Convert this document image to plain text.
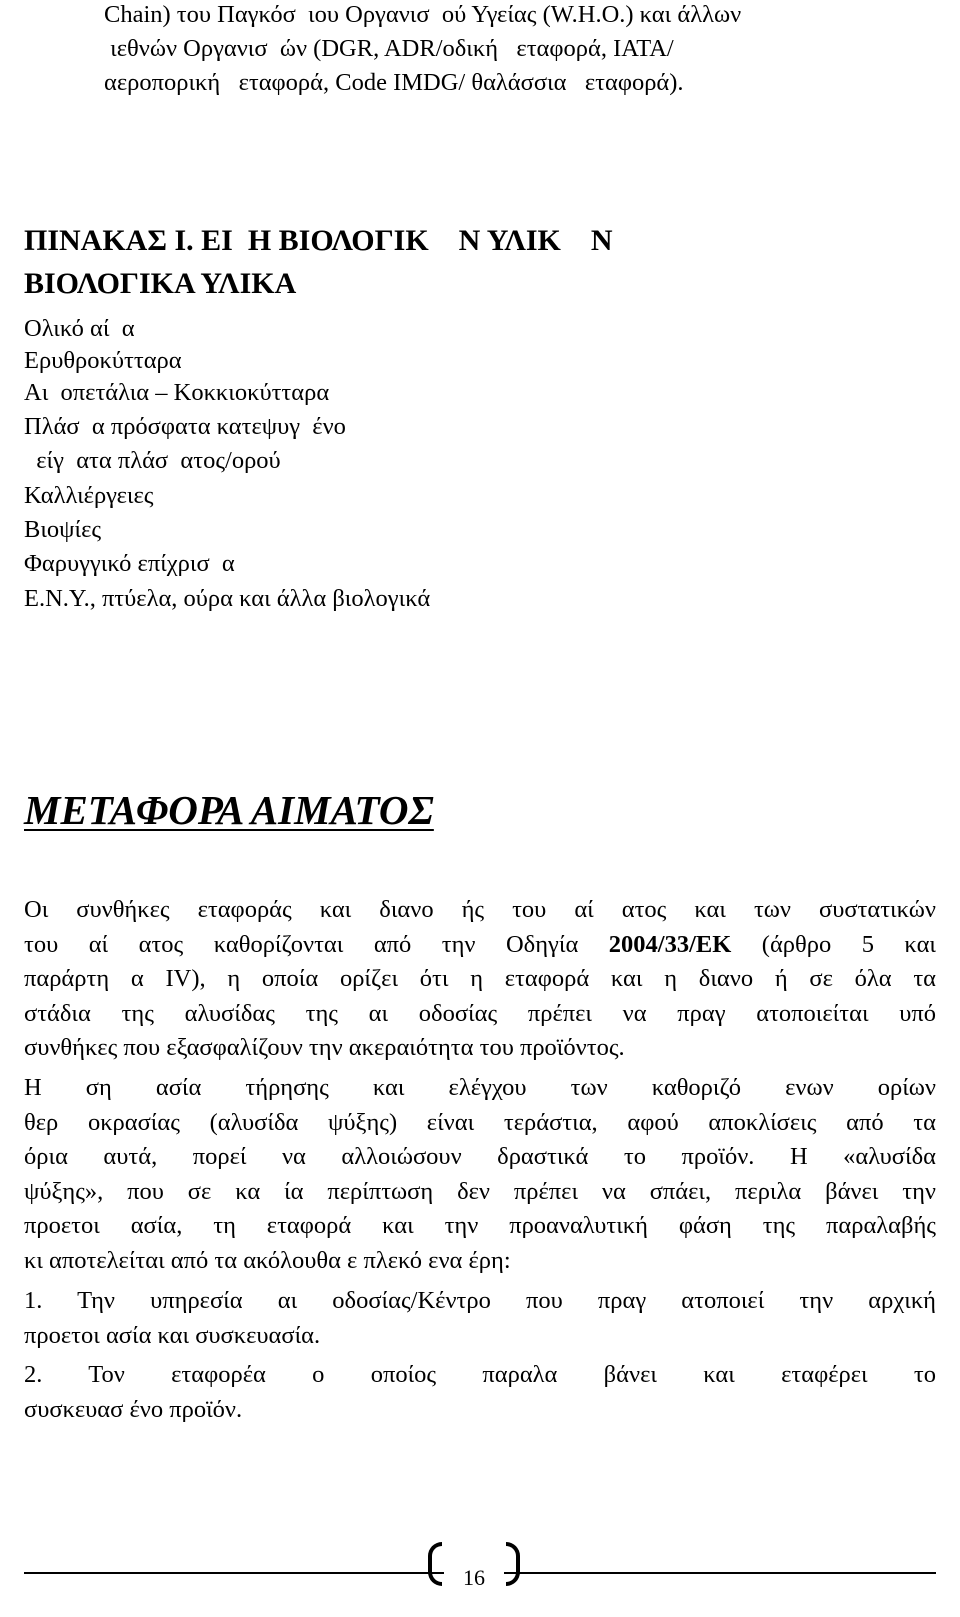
Chain) του Παγκόσ  ιου Οργανισ  ού Υγείας (W.H.O.) και άλλων
ιεθνών Οργανισ  ών (DGR, ADR/οδική   εταφορά, IATA/
αεροπορική   εταφορά, Code IMDG/ θαλάσσια   εταφορά).
ΠΙΝΑΚΑΣ Ι. ΕΙ  Η ΒΙΟΛΟΓΙΚ    Ν ΥΛΙΚ    Ν
ΒΙΟΛΟΓΙΚΑ ΥΛΙΚΑ
Ολικό αί  α
Ερυθροκύτταρα
Αι  οπετάλια – Κοκκιοκύτταρα
Πλάσ  α πρόσφατα κατεψυγ  ένο
είγ  ατα πλάσ  ατος/ορού
Καλλιέργειες
Βιοψίες
Φαρυγγικό επίχρισ  α
Ε.Ν.Υ., πτύελα, ούρα και άλλα βιολογικά
ΜΕΤΑΦΟΡΑ ΑΙΜΑΤΟΣ
Οι συνθήκες εταφοράς και διανο ής του αί ατος και των συστατικών
του αί ατος καθορίζονται από την Οδηγία 2004/33/ΕΚ (άρθρο 5 και
παράρτη α IV), η οποία ορίζει ότι η εταφορά και η διανο ή σε όλα τα
στάδια της αλυσίδας της αι οδοσίας πρέπει να πραγ ατοποιείται υπό
συνθήκες που εξασφαλίζουν την ακεραιότητα του προϊόντος.
Η ση ασία τήρησης και ελέγχου των καθοριζό ενων ορίων
θερ οκρασίας (αλυσίδα ψύξης) είναι τεράστια, αφού αποκλίσεις από τα
όρια αυτά, πορεί να αλλοιώσουν δραστικά το προϊόν. Η «αλυσίδα
ψύξης», που σε κα ία περίπτωση δεν πρέπει να σπάει, περιλα βάνει την
προετοι ασία, τη εταφορά και την προαναλυτική φάση της παραλαβής
κι αποτελείται από τα ακόλουθα ε πλεκό ενα έρη:
1. Την υπηρεσία αι οδοσίας/Κέντρο που πραγ ατοποιεί την αρχική
προετοι ασία και συσκευασία.
2. Τον εταφορέα ο οποίος παραλα βάνει και εταφέρει το
συσκευασ ένο προϊόν.
16
